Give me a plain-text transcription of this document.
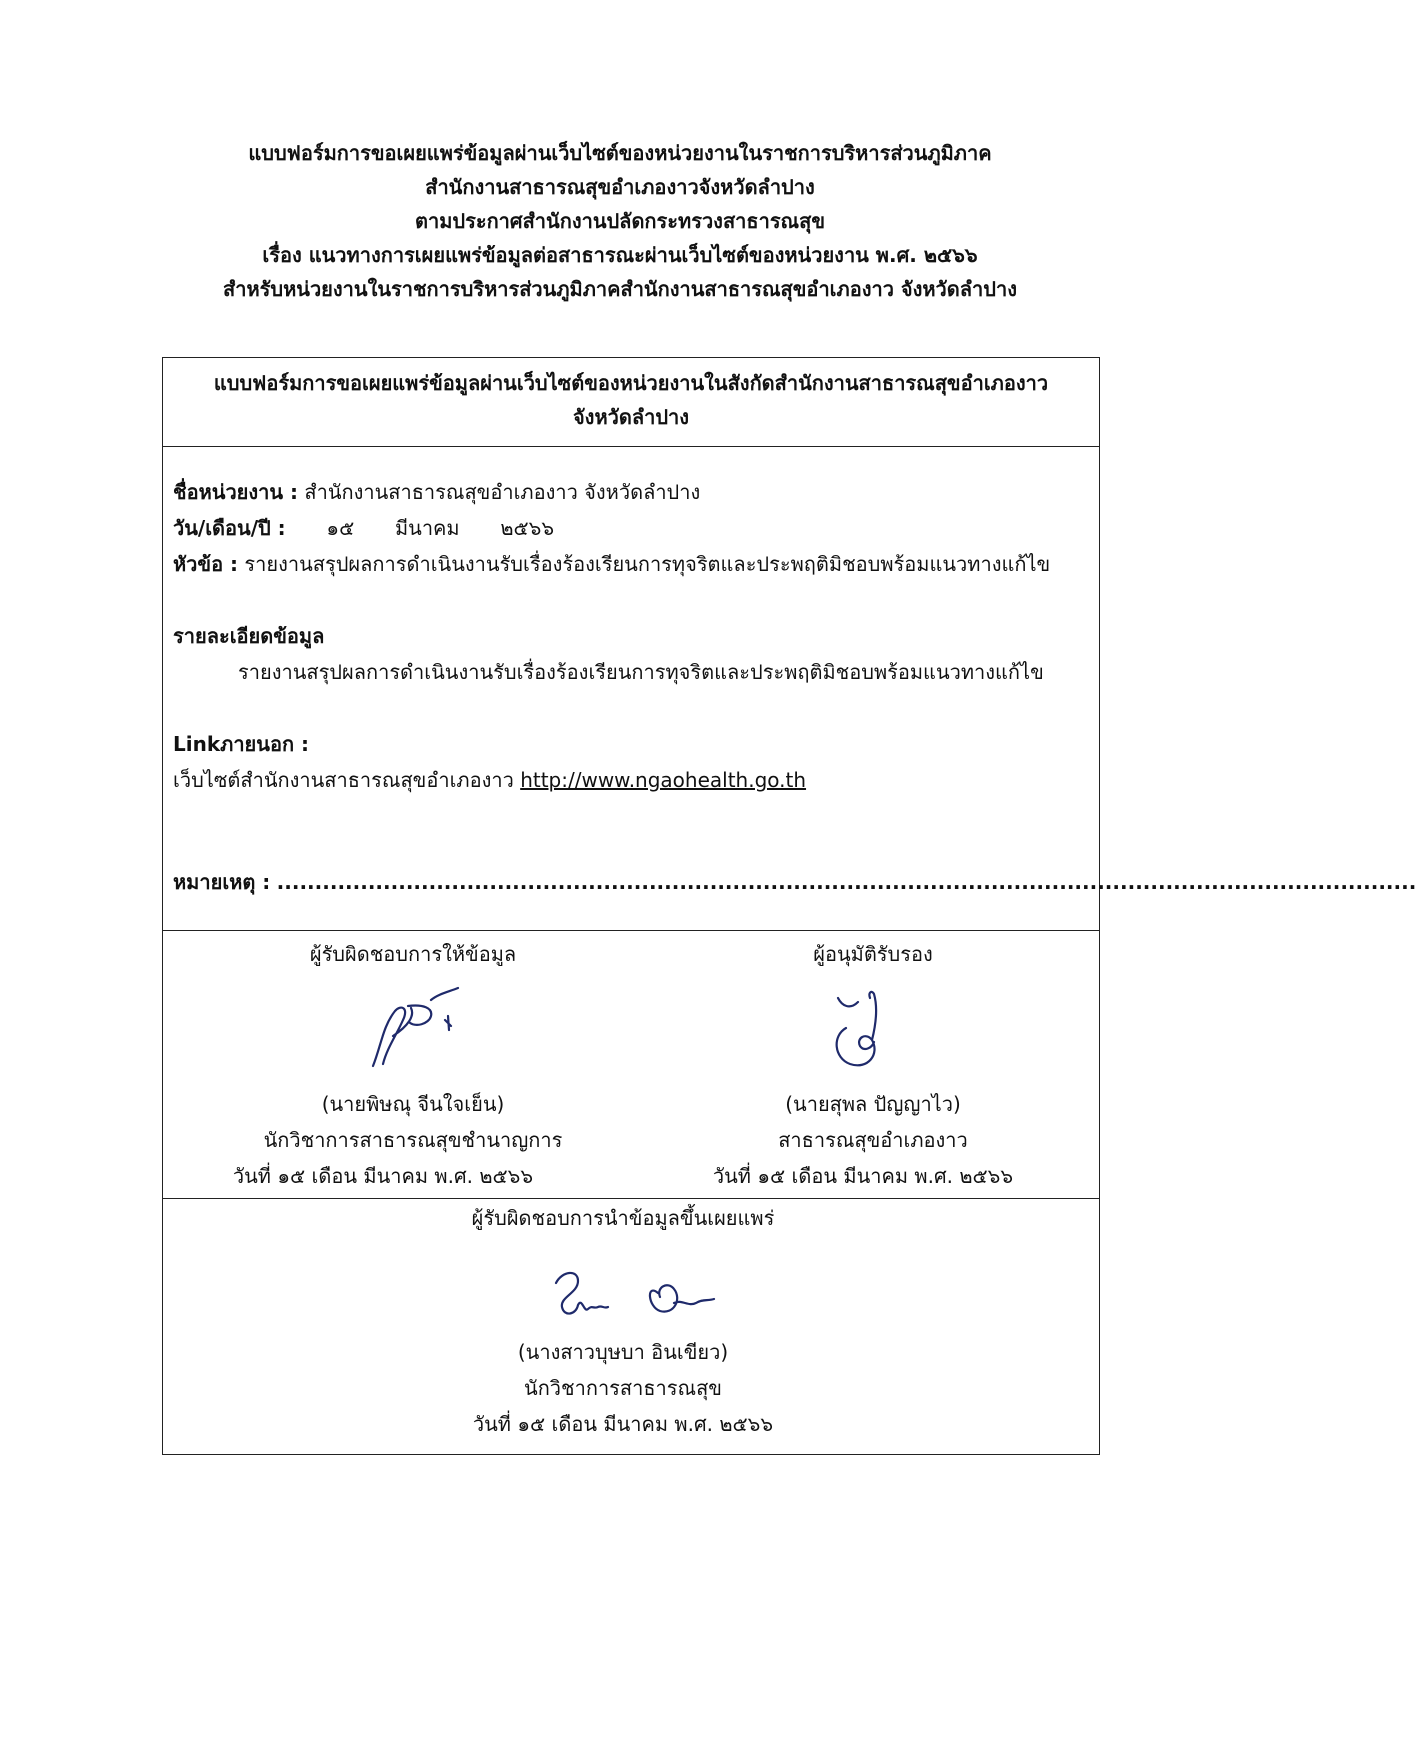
แบบฟอร์มการขอเผยแพร่ข้อมูลผ่านเว็บไซต์ของหน่วยงานในราชการบริหารส่วนภูมิภาค
สำนักงานสาธารณสุขอำเภองาวจังหวัดลำปาง
ตามประกาศสำนักงานปลัดกระทรวงสาธารณสุข
เรื่อง แนวทางการเผยแพร่ข้อมูลต่อสาธารณะผ่านเว็บไซต์ของหน่วยงาน พ.ศ. ๒๕๖๖
สำหรับหน่วยงานในราชการบริหารส่วนภูมิภาคสำนักงานสาธารณสุขอำเภองาว จังหวัดลำปาง
แบบฟอร์มการขอเผยแพร่ข้อมูลผ่านเว็บไซต์ของหน่วยงานในสังกัดสำนักงานสาธารณสุขอำเภองาว
จังหวัดลำปาง
ชื่อหน่วยงาน : สำนักงานสาธารณสุขอำเภองาว จังหวัดลำปาง
วัน/เดือน/ปี : ๑๕ มีนาคม ๒๕๖๖
หัวข้อ : รายงานสรุปผลการดำเนินงานรับเรื่องร้องเรียนการทุจริตและประพฤติมิชอบพร้อมแนวทางแก้ไข
รายละเอียดข้อมูล
รายงานสรุปผลการดำเนินงานรับเรื่องร้องเรียนการทุจริตและประพฤติมิชอบพร้อมแนวทางแก้ไข
Linkภายนอก :
เว็บไซต์สำนักงานสาธารณสุขอำเภองาว http://www.ngaohealth.go.th
หมายเหตุ : ......................................................................................................................................................
ผู้รับผิดชอบการให้ข้อมูล
(นายพิษณุ จีนใจเย็น)
นักวิชาการสาธารณสุขชำนาญการ
วันที่ ๑๕ เดือน มีนาคม พ.ศ. ๒๕๖๖
ผู้อนุมัติรับรอง
(นายสุพล ปัญญาไว)
สาธารณสุขอำเภองาว
วันที่ ๑๕ เดือน มีนาคม พ.ศ. ๒๕๖๖
ผู้รับผิดชอบการนำข้อมูลขึ้นเผยแพร่
(นางสาวบุษบา อินเขียว)
นักวิชาการสาธารณสุข
วันที่ ๑๕ เดือน มีนาคม พ.ศ. ๒๕๖๖
